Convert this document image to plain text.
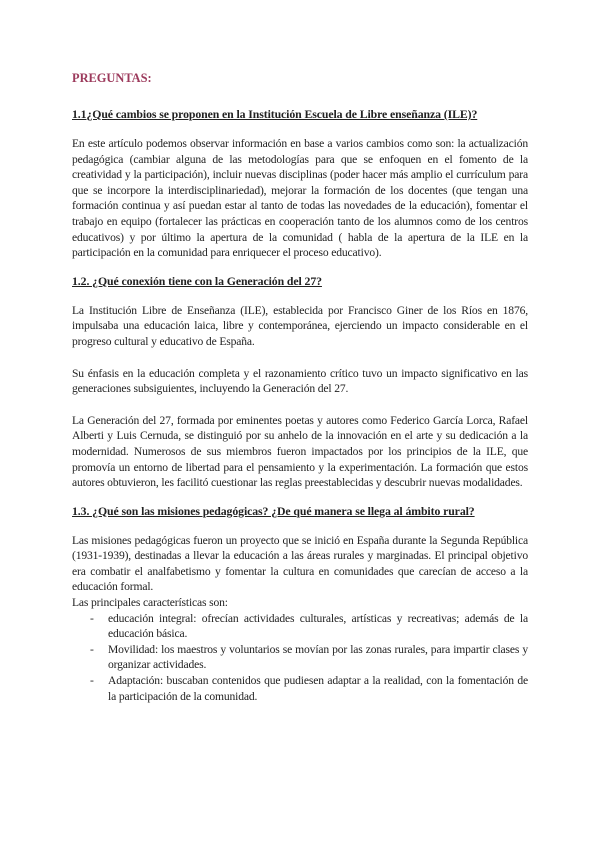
PREGUNTAS:
1.1¿Qué cambios se proponen en la Institución Escuela de Libre enseñanza (ILE)?

En este artículo podemos observar información en base a varios cambios como son: la actualización pedagógica (cambiar alguna de las metodologías para que se enfoquen en el fomento de la creatividad y la participación), incluir nuevas disciplinas (poder hacer más amplio el currículum para que se incorpore la interdisciplinariedad), mejorar la formación de los docentes (que tengan una formación continua y así puedan estar al tanto de todas las novedades de la educación), fomentar el trabajo en equipo (fortalecer las prácticas en cooperación tanto de los alumnos como de los centros educativos) y por último la apertura de la comunidad ( habla de la apertura de la ILE en la participación en la comunidad para enriquecer el proceso educativo).

1.2. ¿Qué conexión tiene con la Generación del 27?

La Institución Libre de Enseñanza (ILE), establecida por Francisco Giner de los Ríos en 1876, impulsaba una educación laica, libre y contemporánea, ejerciendo un impacto considerable en el progreso cultural y educativo de España.

Su énfasis en la educación completa y el razonamiento crítico tuvo un impacto significativo en las generaciones subsiguientes, incluyendo la Generación del 27.

La Generación del 27, formada por eminentes poetas y autores como Federico García Lorca, Rafael Alberti y Luis Cernuda, se distinguió por su anhelo de la innovación en el arte y su dedicación a la modernidad. Numerosos de sus miembros fueron impactados por los principios de la ILE, que promovía un entorno de libertad para el pensamiento y la experimentación. La formación que estos autores obtuvieron, les facilitó cuestionar las reglas preestablecidas y descubrir nuevas modalidades.

1.3. ¿Qué son las misiones pedagógicas? ¿De qué manera se llega al ámbito rural?

Las misiones pedagógicas fueron un proyecto que se inició en España durante la Segunda República (1931-1939), destinadas a llevar la educación a las áreas rurales y marginadas. El principal objetivo era combatir el analfabetismo y fomentar la cultura en comunidades que carecían de acceso a la educación formal.

Las principales características son:

- educación integral: ofrecían actividades culturales, artísticas y recreativas; además de la educación básica.
- Movilidad: los maestros y voluntarios se movían por las zonas rurales, para impartir clases y organizar actividades.
- Adaptación: buscaban contenidos que pudiesen adaptar a la realidad, con la fomentación de la participación de la comunidad.
